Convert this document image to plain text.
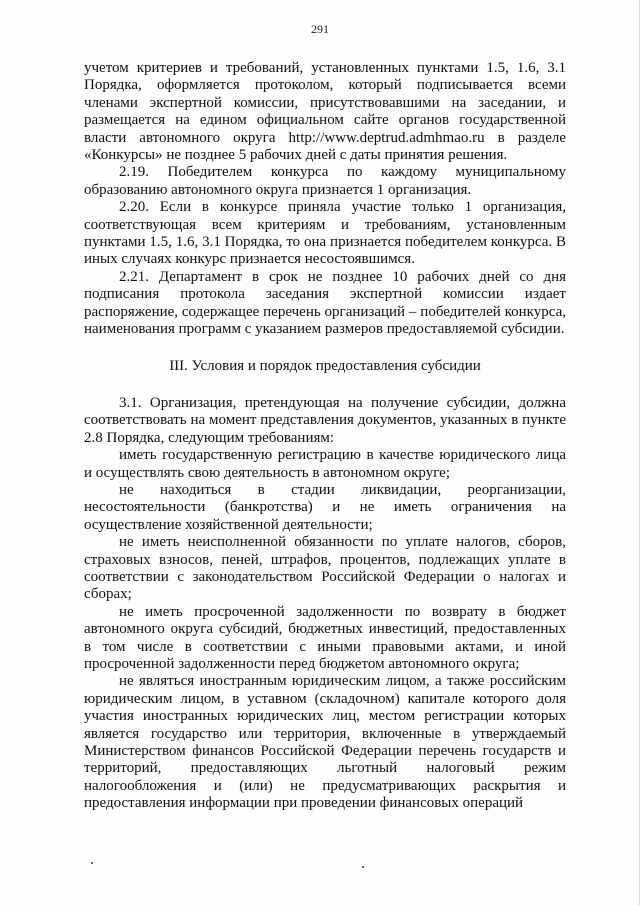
291

учетом критериев и требований, установленных пунктами 1.5, 1.6, 3.1 Порядка, оформляется протоколом, который подписывается всеми членами экспертной комиссии, присутствовавшими на заседании, и размещается на едином официальном сайте органов государственной власти автономного округа http://www.deptrud.admhmao.ru в разделе «Конкурсы» не позднее 5 рабочих дней с даты принятия решения.

2.19. Победителем конкурса по каждому муниципальному образованию автономного округа признается 1 организация.

2.20. Если в конкурсе приняла участие только 1 организация, соответствующая всем критериям и требованиям, установленным пунктами 1.5, 1.6, 3.1 Порядка, то она признается победителем конкурса. В иных случаях конкурс признается несостоявшимся.

2.21. Департамент в срок не позднее 10 рабочих дней со дня подписания протокола заседания экспертной комиссии издает распоряжение, содержащее перечень организаций – победителей конкурса, наименования программ с указанием размеров предоставляемой субсидии.

III. Условия и порядок предоставления субсидии

3.1. Организация, претендующая на получение субсидии, должна соответствовать на момент представления документов, указанных в пункте 2.8 Порядка, следующим требованиям:

иметь государственную регистрацию в качестве юридического лица и осуществлять свою деятельность в автономном округе;

не находиться в стадии ликвидации, реорганизации, несостоятельности (банкротства) и не иметь ограничения на осуществление хозяйственной деятельности;

не иметь неисполненной обязанности по уплате налогов, сборов, страховых взносов, пеней, штрафов, процентов, подлежащих уплате в соответствии с законодательством Российской Федерации о налогах и сборах;

не иметь просроченной задолженности по возврату в бюджет автономного округа субсидий, бюджетных инвестиций, предоставленных в том числе в соответствии с иными правовыми актами, и иной просроченной задолженности перед бюджетом автономного округа;

не являться иностранным юридическим лицом, а также российским юридическим лицом, в уставном (складочном) капитале которого доля участия иностранных юридических лиц, местом регистрации которых является государство или территория, включенные в утверждаемый Министерством финансов Российской Федерации перечень государств и территорий, предоставляющих льготный налоговый режим налогообложения и (или) не предусматривающих раскрытия и предоставления информации при проведении финансовых операций
